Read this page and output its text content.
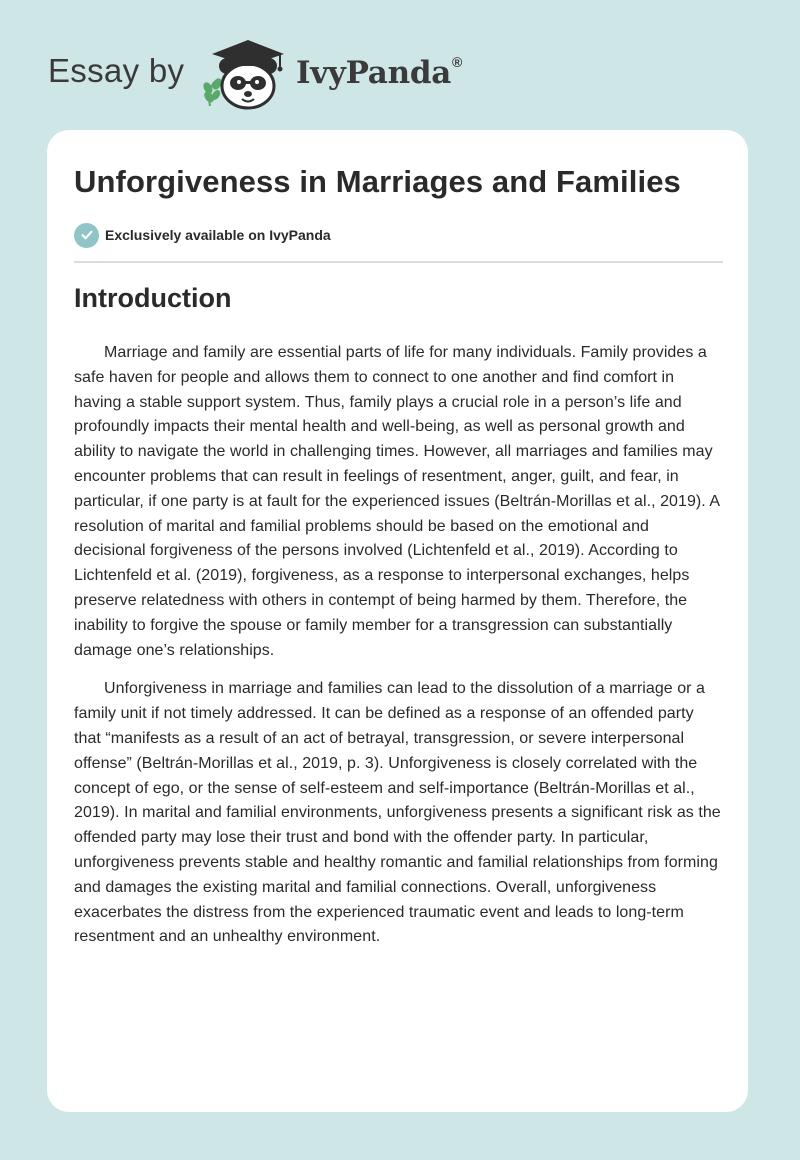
Essay by	IvyPanda®
Unforgiveness in Marriages and Families
Exclusively available on IvyPanda
Introduction

Marriage and family are essential parts of life for many individuals. Family provides a safe haven for people and allows them to connect to one another and find comfort in having a stable support system. Thus, family plays a crucial role in a person’s life and profoundly impacts their mental health and well-being, as well as personal growth and ability to navigate the world in challenging times. However, all marriages and families may encounter problems that can result in feelings of resentment, anger, guilt, and fear, in particular, if one party is at fault for the experienced issues (Beltrán-Morillas et al., 2019). A resolution of marital and familial problems should be based on the emotional and decisional forgiveness of the persons involved (Lichtenfeld et al., 2019). According to Lichtenfeld et al. (2019), forgiveness, as a response to interpersonal exchanges, helps preserve relatedness with others in contempt of being harmed by them. Therefore, the inability to forgive the spouse or family member for a transgression can substantially damage one’s relationships.

Unforgiveness in marriage and families can lead to the dissolution of a marriage or a family unit if not timely addressed. It can be defined as a response of an offended party that “manifests as a result of an act of betrayal, transgression, or severe interpersonal offense” (Beltrán-Morillas et al., 2019, p. 3). Unforgiveness is closely correlated with the concept of ego, or the sense of self-esteem and self-importance (Beltrán-Morillas et al., 2019). In marital and familial environments, unforgiveness presents a significant risk as the offended party may lose their trust and bond with the offender party. In particular, unforgiveness prevents stable and healthy romantic and familial relationships from forming and damages the existing marital and familial connections. Overall, unforgiveness exacerbates the distress from the experienced traumatic event and leads to long-term resentment and an unhealthy environment.
